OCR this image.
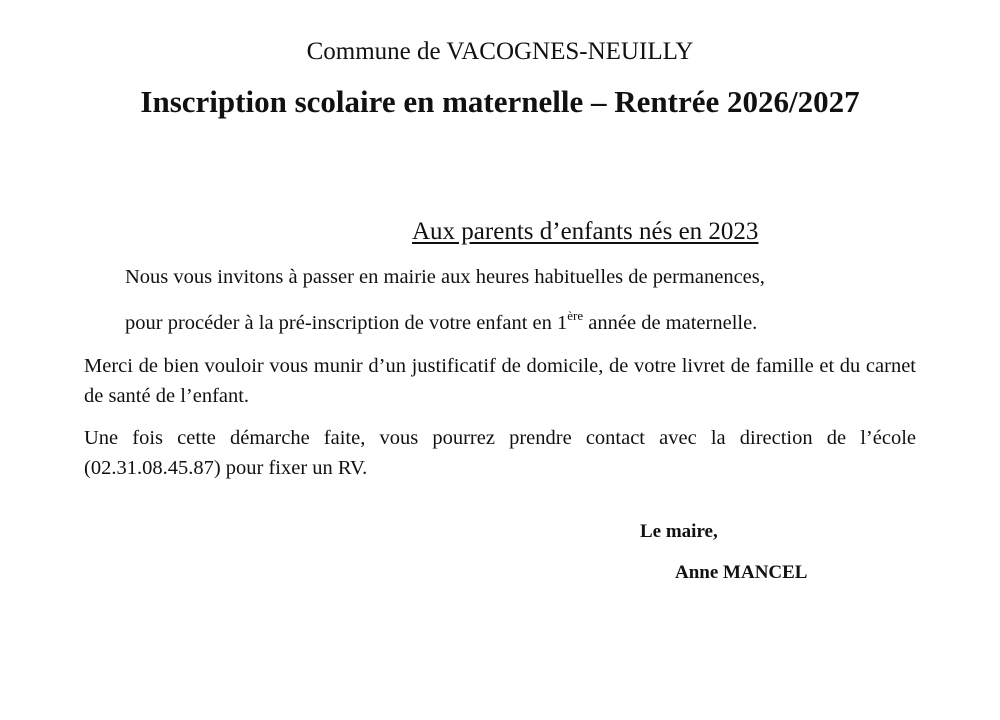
Commune de VACOGNES-NEUILLY
Inscription scolaire en maternelle – Rentrée 2026/2027
Aux parents d’enfants nés en 2023
Nous vous invitons à passer en mairie aux heures habituelles de permanences,
pour procéder à la pré-inscription de votre enfant en 1ère année de maternelle.
Merci de bien vouloir vous munir d’un justificatif de domicile, de votre livret de famille et du carnet de santé de l’enfant.
Une fois cette démarche faite, vous pourrez prendre contact avec la direction de l’école (02.31.08.45.87) pour fixer un RV.
Le maire,
Anne MANCEL
